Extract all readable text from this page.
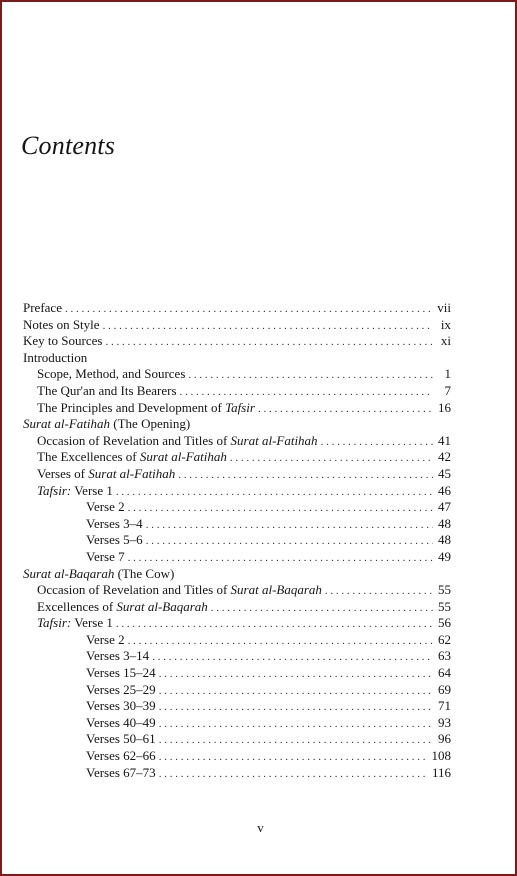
Contents
Preface . . .	vii
Notes on Style . . .	ix
Key to Sources . . .	xi
Introduction
Scope, Method, and Sources . . .	1
The Qur'an and Its Bearers . . .	7
The Principles and Development of Tafsir . . .	16
Surat al-Fatihah (The Opening)
Occasion of Revelation and Titles of Surat al-Fatihah . . .	41
The Excellences of Surat al-Fatihah . . .	42
Verses of Surat al-Fatihah . . .	45
Tafsir: Verse 1 . . .	46
Verse 2 . . .	47
Verses 3–4 . . .	48
Verses 5–6 . . .	48
Verse 7 . . .	49
Surat al-Baqarah (The Cow)
Occasion of Revelation and Titles of Surat al-Baqarah . . .	55
Excellences of Surat al-Baqarah . . .	55
Tafsir: Verse 1 . . .	56
Verse 2 . . .	62
Verses 3–14 . . .	63
Verses 15–24 . . .	64
Verses 25–29 . . .	69
Verses 30–39 . . .	71
Verses 40–49 . . .	93
Verses 50–61 . . .	96
Verses 62–66 . . .	108
Verses 67–73 . . .	116
v
